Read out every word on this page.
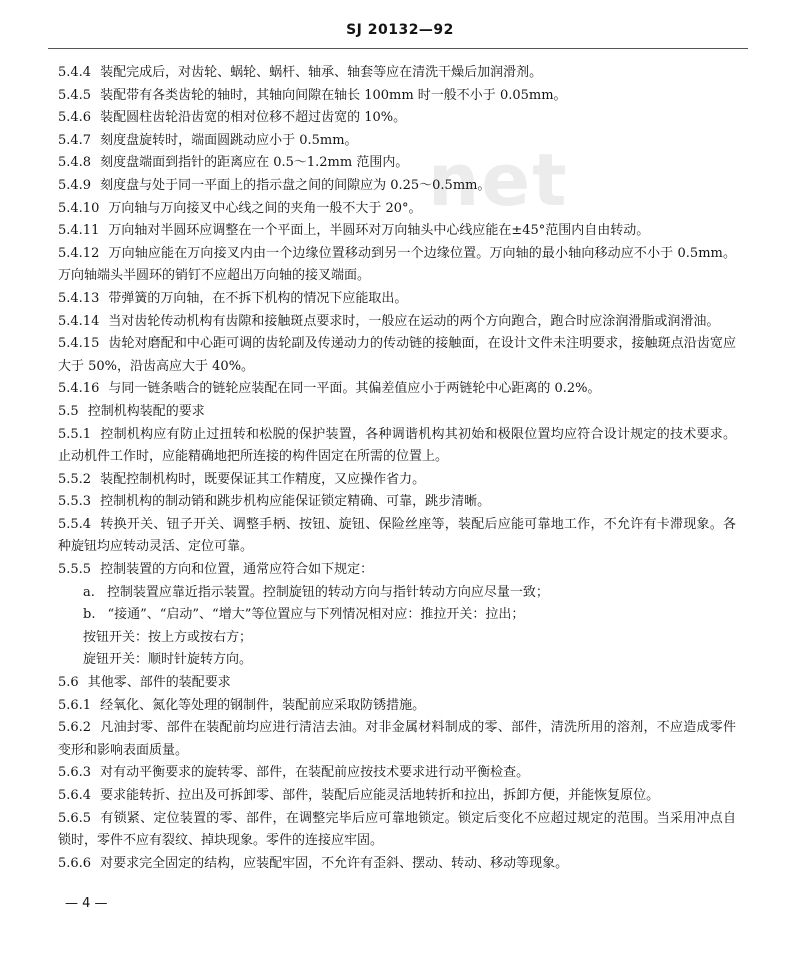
SJ 20132—92
net

5.4.4 装配完成后，对齿轮、蜗轮、蜗杆、轴承、轴套等应在清洗干燥后加润滑剂。

5.4.5 装配带有各类齿轮的轴时，其轴向间隙在轴长 100mm 时一般不小于 0.05mm。

5.4.6 装配圆柱齿轮沿齿宽的相对位移不超过齿宽的 10%。

5.4.7 刻度盘旋转时，端面圆跳动应小于 0.5mm。

5.4.8 刻度盘端面到指针的距离应在 0.5～1.2mm 范围内。

5.4.9 刻度盘与处于同一平面上的指示盘之间的间隙应为 0.25～0.5mm。

5.4.10 万向轴与万向接叉中心线之间的夹角一般不大于 20°。

5.4.11 万向轴对半圆环应调整在一个平面上，半圆环对万向轴头中心线应能在±45°范围内自由转动。

5.4.12 万向轴应能在万向接叉内由一个边缘位置移动到另一个边缘位置。万向轴的最小轴向移动应不小于 0.5mm。万向轴端头半圆环的销钉不应超出万向轴的接叉端面。

5.4.13 带弹簧的万向轴，在不拆下机构的情况下应能取出。

5.4.14 当对齿轮传动机构有齿隙和接触斑点要求时，一般应在运动的两个方向跑合，跑合时应涂润滑脂或润滑油。

5.4.15 齿轮对磨配和中心距可调的齿轮副及传递动力的传动链的接触面，在设计文件未注明要求，接触斑点沿齿宽应大于 50%，沿齿高应大于 40%。

5.4.16 与同一链条啮合的链轮应装配在同一平面。其偏差值应小于两链轮中心距离的 0.2%。

5.5 控制机构装配的要求

5.5.1 控制机构应有防止过扭转和松脱的保护装置，各种调谐机构其初始和极限位置均应符合设计规定的技术要求。止动机件工作时，应能精确地把所连接的构件固定在所需的位置上。

5.5.2 装配控制机构时，既要保证其工作精度，又应操作省力。

5.5.3 控制机构的制动销和跳步机构应能保证锁定精确、可靠，跳步清晰。

5.5.4 转换开关、钮子开关、调整手柄、按钮、旋钮、保险丝座等，装配后应能可靠地工作，不允许有卡滞现象。各种旋钮均应转动灵活、定位可靠。

5.5.5 控制装置的方向和位置，通常应符合如下规定：

a. 控制装置应靠近指示装置。控制旋钮的转动方向与指针转动方向应尽量一致；

b. “接通”、“启动”、“增大”等位置应与下列情况相对应：推拉开关：拉出；

按钮开关：按上方或按右方；

旋钮开关：顺时针旋转方向。

5.6 其他零、部件的装配要求

5.6.1 经氧化、氮化等处理的钢制件，装配前应采取防锈措施。

5.6.2 凡油封零、部件在装配前均应进行清洁去油。对非金属材料制成的零、部件，清洗所用的溶剂，不应造成零件变形和影响表面质量。

5.6.3 对有动平衡要求的旋转零、部件，在装配前应按技术要求进行动平衡检查。

5.6.4 要求能转折、拉出及可拆卸零、部件，装配后应能灵活地转折和拉出，拆卸方便，并能恢复原位。

5.6.5 有锁紧、定位装置的零、部件，在调整完毕后应可靠地锁定。锁定后变化不应超过规定的范围。当采用冲点自锁时，零件不应有裂纹、掉块现象。零件的连接应牢固。

5.6.6 对要求完全固定的结构，应装配牢固，不允许有歪斜、摆动、转动、移动等现象。

— 4 —
